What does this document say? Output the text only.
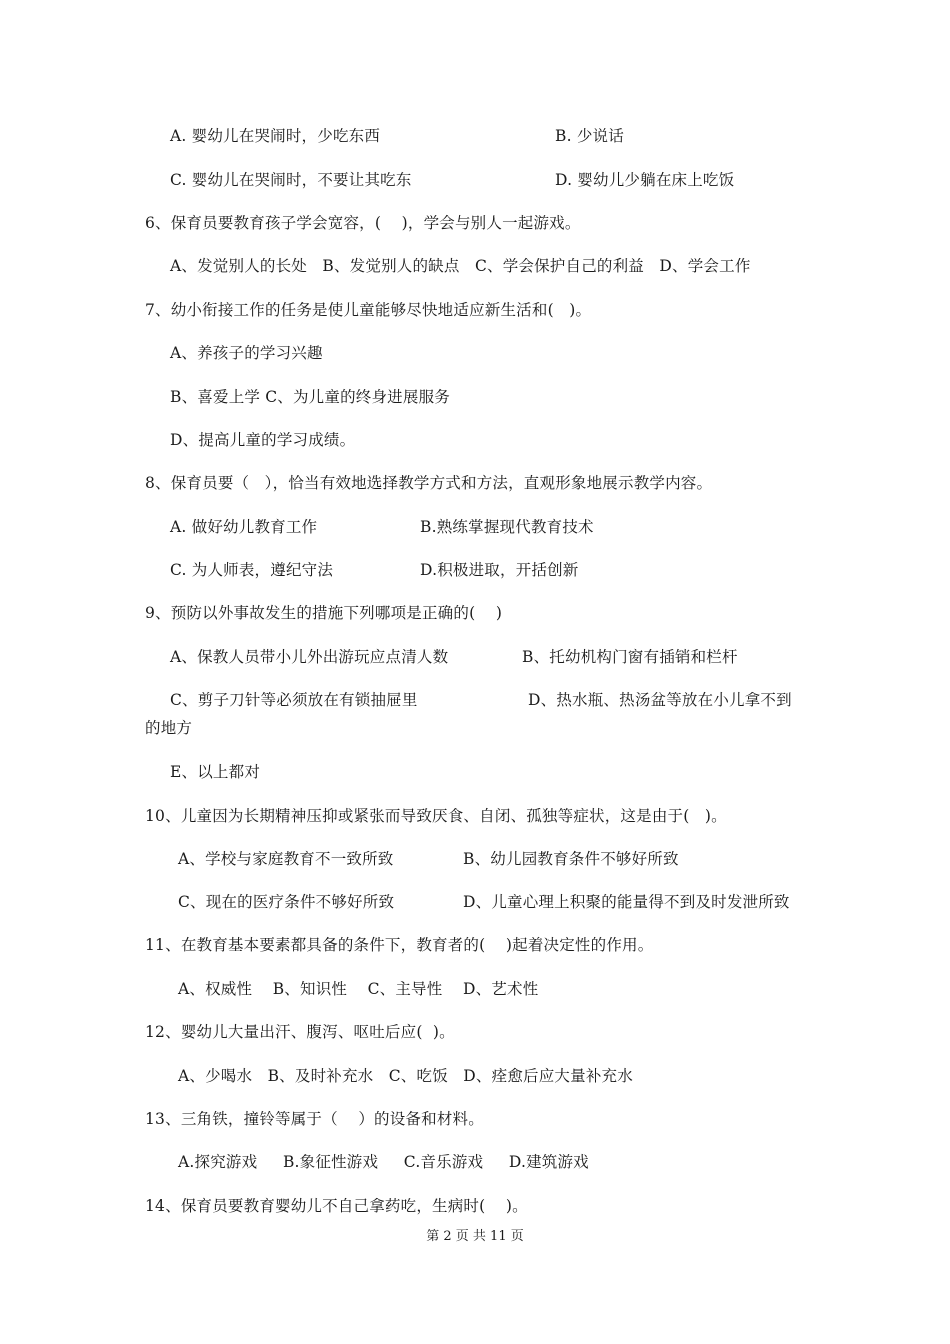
A. 婴幼儿在哭闹时，少吃东西	B. 少说话
C. 婴幼儿在哭闹时，不要让其吃东	D. 婴幼儿少躺在床上吃饭
6、保育员要教育孩子学会宽容，(    )，学会与别人一起游戏。
A、发觉别人的长处   B、发觉别人的缺点   C、学会保护自己的利益   D、学会工作
7、幼小衔接工作的任务是使儿童能够尽快地适应新生活和(   )。
A、养孩子的学习兴趣
B、喜爱上学 C、为儿童的终身进展服务
D、提高儿童的学习成绩。
8、保育员要（   ），恰当有效地选择教学方式和方法，直观形象地展示教学内容。
A. 做好幼儿教育工作	B.熟练掌握现代教育技术
C. 为人师表，遵纪守法	D.积极进取，开括创新
9、预防以外事故发生的措施下列哪项是正确的(    )
A、保教人员带小儿外出游玩应点清人数	B、托幼机构门窗有插销和栏杆
C、剪子刀针等必须放在有锁抽屉里	D、热水瓶、热汤盆等放在小儿拿不到
的地方
E、以上都对
10、儿童因为长期精神压抑或紧张而导致厌食、自闭、孤独等症状，这是由于(   )。
A、学校与家庭教育不一致所致	B、幼儿园教育条件不够好所致
C、现在的医疗条件不够好所致	D、儿童心理上积聚的能量得不到及时发泄所致
11、在教育基本要素都具备的条件下，教育者的(    )起着决定性的作用。
A、权威性    B、知识性    C、主导性    D、艺术性
12、婴幼儿大量出汗、腹泻、呕吐后应(  )。
A、少喝水   B、及时补充水   C、吃饭   D、痊愈后应大量补充水
13、三角铁，撞铃等属于（    ）的设备和材料。
A.探究游戏     B.象征性游戏     C.音乐游戏     D.建筑游戏
14、保育员要教育婴幼儿不自己拿药吃，生病时(    )。
第 2 页 共 11 页
